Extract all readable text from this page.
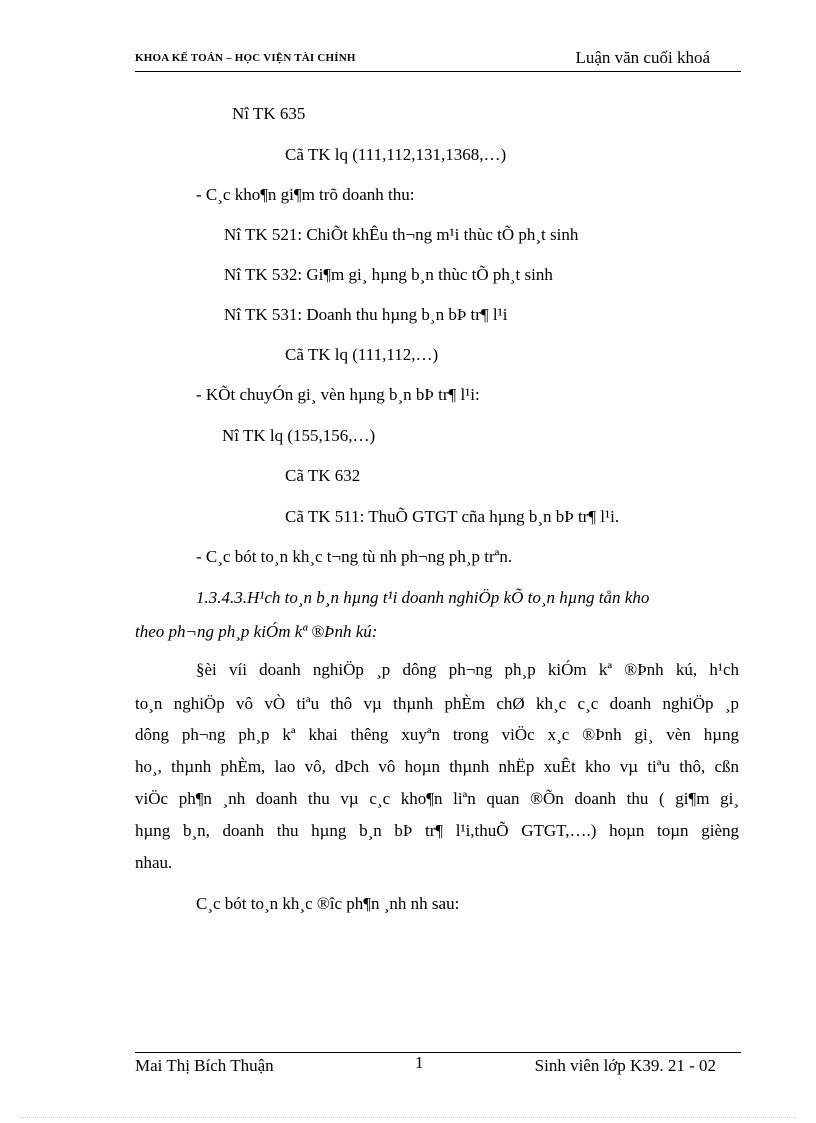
KHOA KẾ TOÁN – HỌC VIỆN TÀI CHÍNH	Luận văn cuối khoá
Nî TK 635
Cã TK lq (111,112,131,1368,…)
- C¸c kho¶n gi¶m trõ doanh thu:
Nî TK 521: ChiÕt khÊu th¬ng m¹i thùc tÕ ph¸t sinh
Nî TK 532: Gi¶m gi¸ hµng b¸n thùc tÕ ph¸t sinh
Nî TK 531: Doanh thu hµng b¸n bÞ tr¶ l¹i
Cã TK lq (111,112,…)
- KÕt chuyÓn gi¸ vèn hµng b¸n bÞ tr¶ l¹i:
Nî TK lq (155,156,…)
Cã TK 632
Cã TK 511: ThuÕ GTGT cña hµng b¸n bÞ tr¶ l¹i.
- C¸c bót to¸n kh¸c t¬ng tù nh ph¬ng ph¸p trªn.
1.3.4.3.H¹ch to¸n b¸n hµng t¹i doanh nghiÖp kÕ to¸n hµng tån kho
theo ph¬ng ph¸p kiÓm kª ®Þnh kú:
§èi víi doanh nghiÖp ¸p dông ph¬ng ph¸p kiÓm kª ®Þnh kú, h¹ch
to¸n nghiÖp vô vÒ tiªu thô vµ thµnh phÈm chØ kh¸c c¸c doanh nghiÖp ¸p
dông ph¬ng ph¸p kª khai thêng xuyªn trong viÖc x¸c ®Þnh gi¸ vèn hµng
ho¸, thµnh phÈm, lao vô, dÞch vô hoµn thµnh nhËp xuÊt kho vµ tiªu thô, cßn
viÖc ph¶n ¸nh doanh thu vµ c¸c kho¶n liªn quan ®Õn doanh thu ( gi¶m gi¸
hµng b¸n, doanh thu hµng b¸n bÞ tr¶ l¹i,thuÕ GTGT,….) hoµn toµn gièng
nhau.
C¸c bót to¸n kh¸c ®îc ph¶n ¸nh nh sau:
Mai Thị Bích Thuận	1	Sinh viên lớp K39. 21 - 02
